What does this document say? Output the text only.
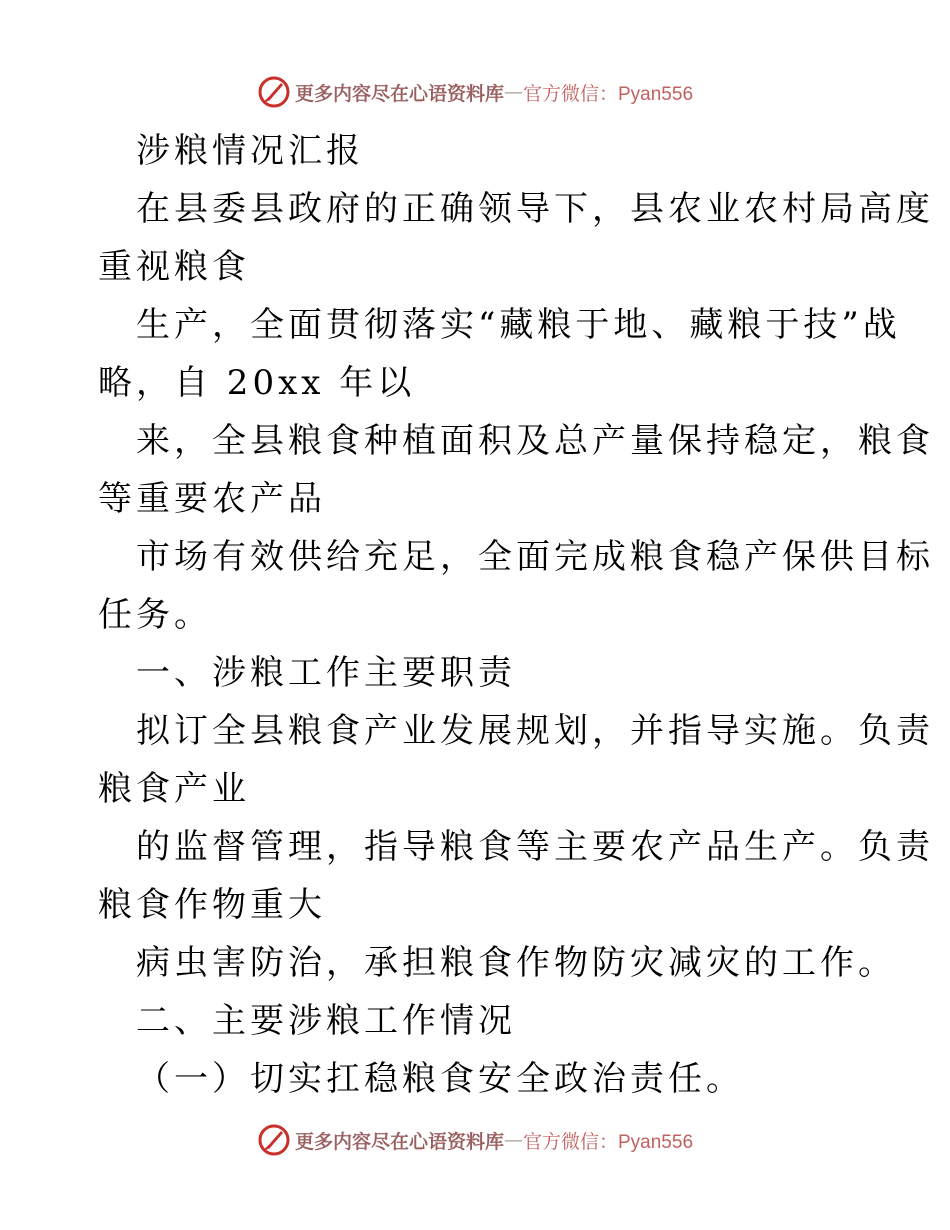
更多内容尽在心语资料库 — 官方微信：Pyan556
涉粮情况汇报
在县委县政府的正确领导下，县农业农村局高度
重视粮食
生产，全面贯彻落实“藏粮于地、藏粮于技”战
略，自 20xx 年以
来，全县粮食种植面积及总产量保持稳定，粮食
等重要农产品
市场有效供给充足，全面完成粮食稳产保供目标
任务。
一、涉粮工作主要职责
拟订全县粮食产业发展规划，并指导实施。负责
粮食产业
的监督管理，指导粮食等主要农产品生产。负责
粮食作物重大
病虫害防治，承担粮食作物防灾减灾的工作。
二、主要涉粮工作情况
（一）切实扛稳粮食安全政治责任。
更多内容尽在心语资料库 — 官方微信：Pyan556
